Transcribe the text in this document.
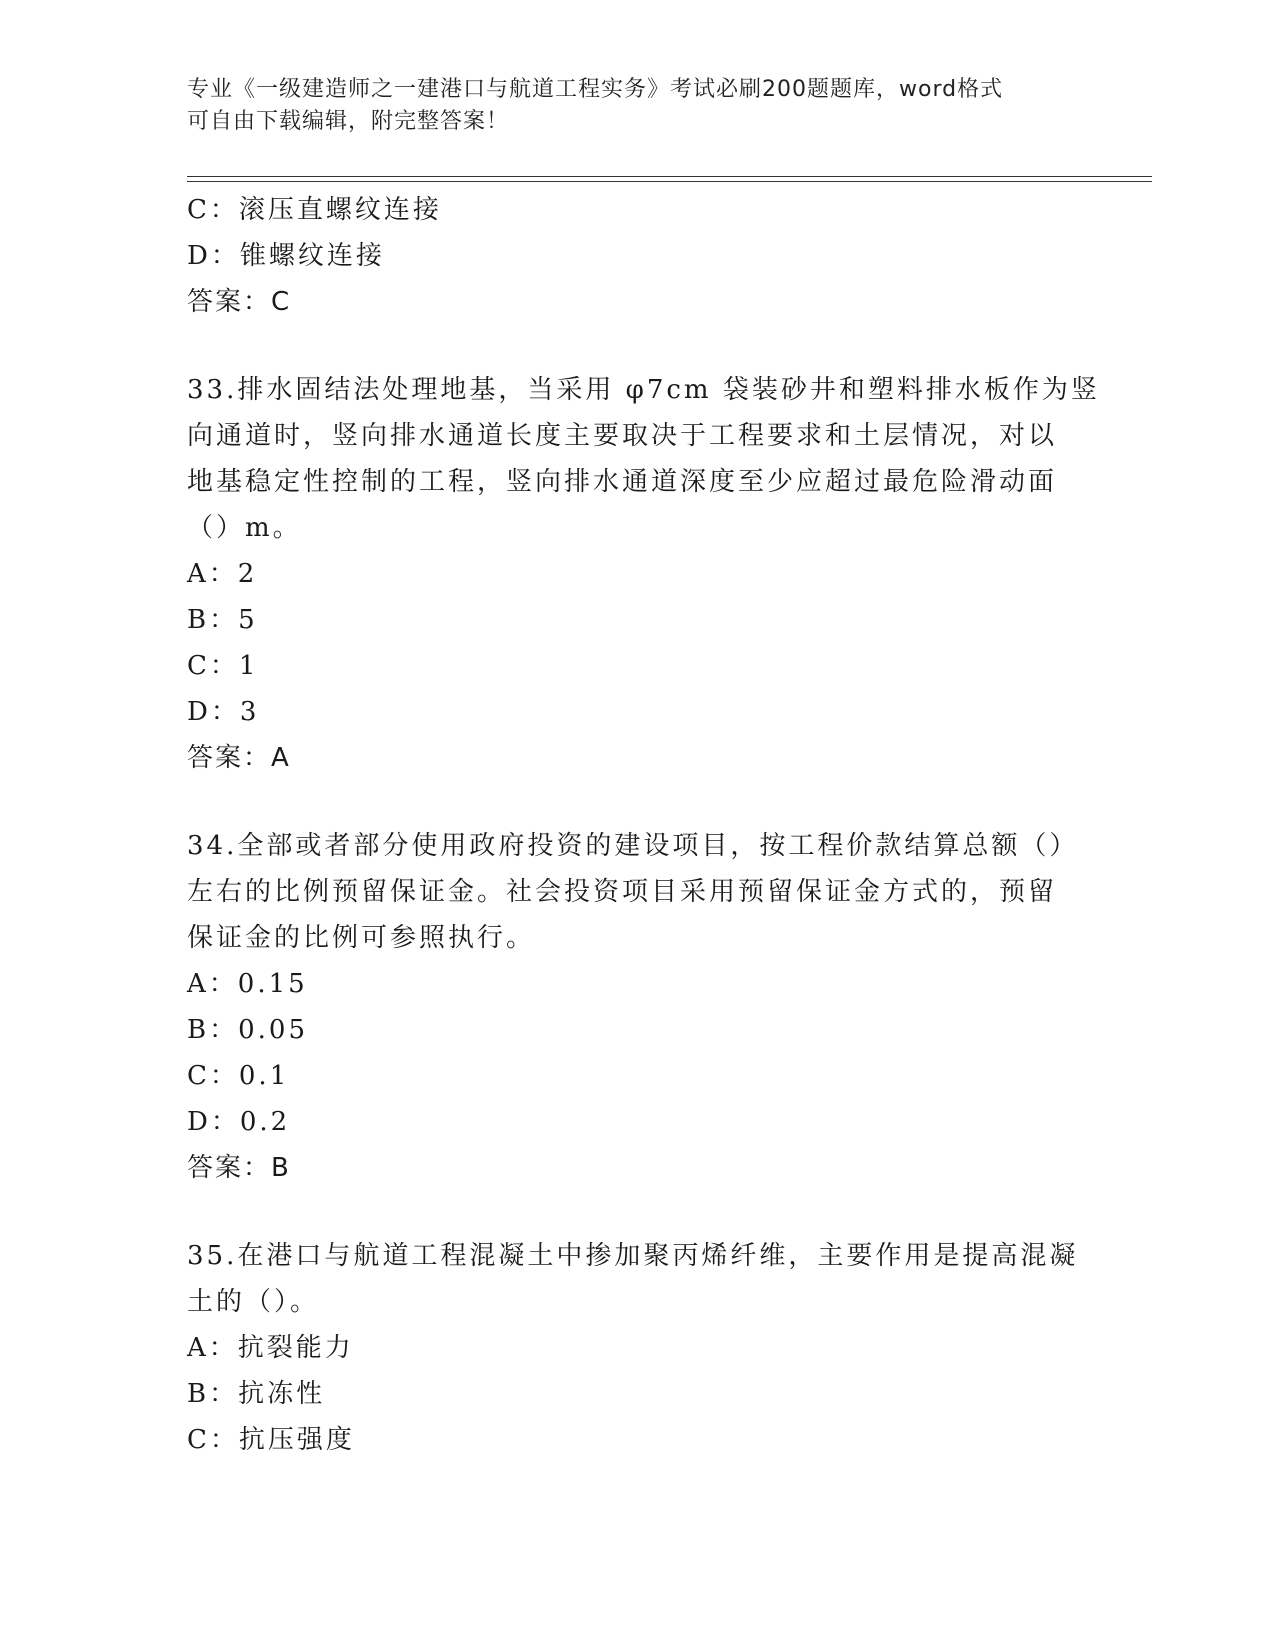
专业《一级建造师之一建港口与航道工程实务》考试必刷200题题库，word格式
可自由下载编辑，附完整答案！
C：滚压直螺纹连接
D：锥螺纹连接
答案：C
33.排水固结法处理地基，当采用 φ7cm 袋装砂井和塑料排水板作为竖
向通道时，竖向排水通道长度主要取决于工程要求和土层情况，对以
地基稳定性控制的工程，竖向排水通道深度至少应超过最危险滑动面
（）m。
A：2
B：5
C：1
D：3
答案：A
34.全部或者部分使用政府投资的建设项目，按工程价款结算总额（）
左右的比例预留保证金。社会投资项目采用预留保证金方式的，预留
保证金的比例可参照执行。
A：0.15
B：0.05
C：0.1
D：0.2
答案：B
35.在港口与航道工程混凝土中掺加聚丙烯纤维，主要作用是提高混凝
土的（）。
A：抗裂能力
B：抗冻性
C：抗压强度
